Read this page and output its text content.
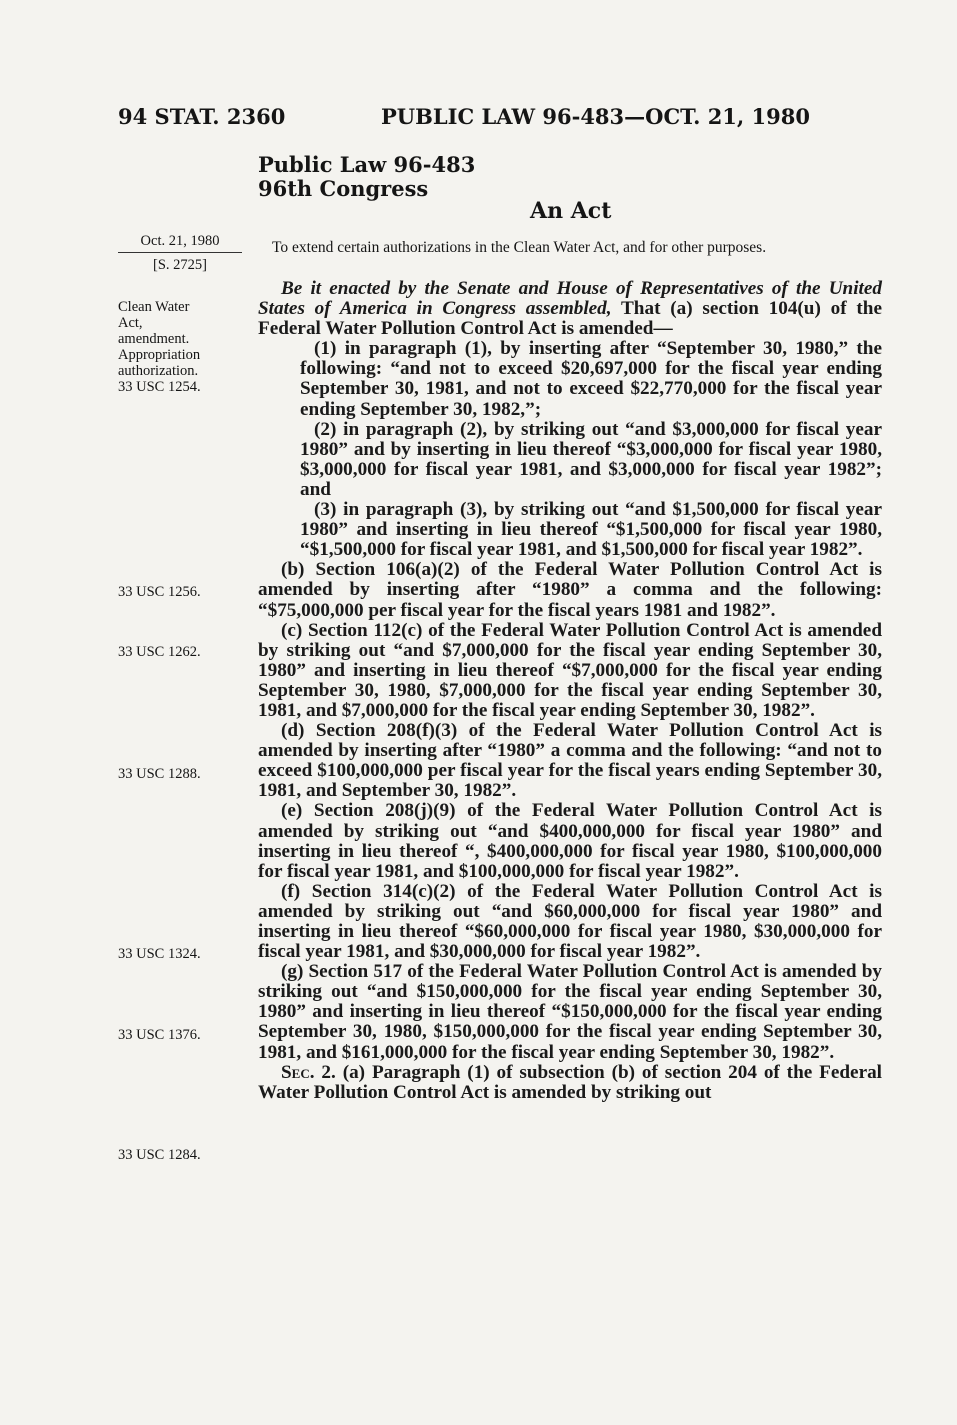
94 STAT. 2360	PUBLIC LAW 96-483—OCT. 21, 1980
Public Law 96-483
96th Congress
An Act
Oct. 21, 1980
[S. 2725]
To extend certain authorizations in the Clean Water Act, and for other purposes.
Clean Water
Act,
amendment.
Appropriation
authorization.
33 USC 1254.
33 USC 1256.
33 USC 1262.
33 USC 1288.
33 USC 1324.
33 USC 1376.
33 USC 1284.

Be it enacted by the Senate and House of Representatives of the United States of America in Congress assembled, That (a) section 104(u) of the Federal Water Pollution Control Act is amended—

(1) in paragraph (1), by inserting after “September 30, 1980,” the following: “and not to exceed $20,697,000 for the fiscal year ending September 30, 1981, and not to exceed $22,770,000 for the fiscal year ending September 30, 1982,”;

(2) in paragraph (2), by striking out “and $3,000,000 for fiscal year 1980” and by inserting in lieu thereof “$3,000,000 for fiscal year 1980, $3,000,000 for fiscal year 1981, and $3,000,000 for fiscal year 1982”; and

(3) in paragraph (3), by striking out “and $1,500,000 for fiscal year 1980” and inserting in lieu thereof “$1,500,000 for fiscal year 1980, “$1,500,000 for fiscal year 1981, and $1,500,000 for fiscal year 1982”.

(b) Section 106(a)(2) of the Federal Water Pollution Control Act is amended by inserting after “1980” a comma and the following: “$75,000,000 per fiscal year for the fiscal years 1981 and 1982”.

(c) Section 112(c) of the Federal Water Pollution Control Act is amended by striking out “and $7,000,000 for the fiscal year ending September 30, 1980” and inserting in lieu thereof “$7,000,000 for the fiscal year ending September 30, 1980, $7,000,000 for the fiscal year ending September 30, 1981, and $7,000,000 for the fiscal year ending September 30, 1982”.

(d) Section 208(f)(3) of the Federal Water Pollution Control Act is amended by inserting after “1980” a comma and the following: “and not to exceed $100,000,000 per fiscal year for the fiscal years ending September 30, 1981, and September 30, 1982”.

(e) Section 208(j)(9) of the Federal Water Pollution Control Act is amended by striking out “and $400,000,000 for fiscal year 1980” and inserting in lieu thereof “, $400,000,000 for fiscal year 1980, $100,000,000 for fiscal year 1981, and $100,000,000 for fiscal year 1982”.

(f) Section 314(c)(2) of the Federal Water Pollution Control Act is amended by striking out “and $60,000,000 for fiscal year 1980” and inserting in lieu thereof “$60,000,000 for fiscal year 1980, $30,000,000 for fiscal year 1981, and $30,000,000 for fiscal year 1982”.

(g) Section 517 of the Federal Water Pollution Control Act is amended by striking out “and $150,000,000 for the fiscal year ending September 30, 1980” and inserting in lieu thereof “$150,000,000 for the fiscal year ending September 30, 1980, $150,000,000 for the fiscal year ending September 30, 1981, and $161,000,000 for the fiscal year ending September 30, 1982”.

Sec. 2. (a) Paragraph (1) of subsection (b) of section 204 of the Federal Water Pollution Control Act is amended by striking out
